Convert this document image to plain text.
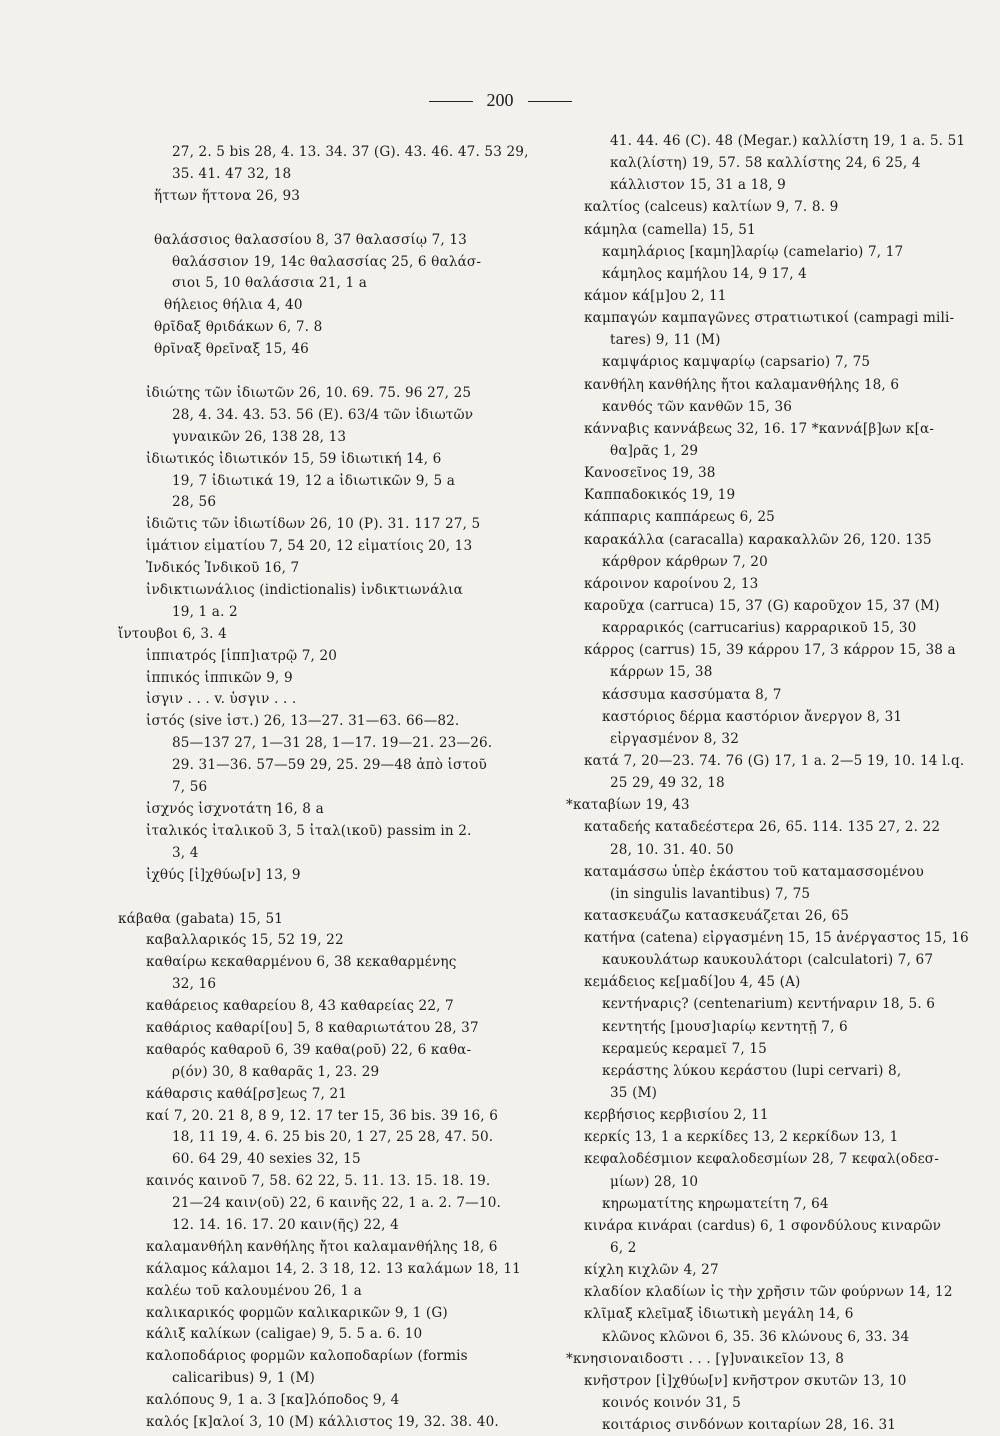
200
27, 2. 5 bis 28, 4. 13. 34. 37 (G). 43. 46. 47. 53 29,
35. 41. 47 32, 18
ἥττων ἥττονα 26, 93
θαλάσσιος θαλασσίου 8, 37 θαλασσίῳ 7, 13
θαλάσσιον 19, 14c θαλασσίας 25, 6 θαλάσ-
σιοι 5, 10 θαλάσσια 21, 1 a
θήλειος θήλια 4, 40
θρῖδαξ θριδάκων 6, 7. 8
θρῖναξ θρεῖναξ 15, 46
ἰδιώτης τῶν ἰδιωτῶν 26, 10. 69. 75. 96 27, 25
28, 4. 34. 43. 53. 56 (E). 63/4 τῶν ἰδιωτῶν
γυναικῶν 26, 138 28, 13
ἰδιωτικός ἰδιωτικόν 15, 59 ἰδιωτική 14, 6
19, 7 ἰδιωτικά 19, 12 a ἰδιωτικῶν 9, 5 a
28, 56
ἰδιῶτις τῶν ἰδιωτίδων 26, 10 (P). 31. 117 27, 5
ἱμάτιον εἱματίου 7, 54 20, 12 εἱματίοις 20, 13
Ἰνδικός Ἰνδικοῦ 16, 7
ἰνδικτιωνάλιος (indictionalis) ἰνδικτιωνάλια
19, 1 a. 2
ἴντουβοι 6, 3. 4
ἱππιατρός [ἱππ]ιατρῷ 7, 20
ἱππικός ἱππικῶν 9, 9
ἰσγιν . . . v. ὑσγιν . . .
ἱστός (sive ἱστ.) 26, 13—27. 31—63. 66—82.
85—137 27, 1—31 28, 1—17. 19—21. 23—26.
29. 31—36. 57—59 29, 25. 29—48 ἀπὸ ἱστοῦ
7, 56
ἰσχνός ἰσχνοτάτη 16, 8 a
ἰταλικός ἰταλικοῦ 3, 5 ἰταλ(ικοῦ) passim in 2.
3, 4
ἰχθύς [ἰ]χθύω[ν] 13, 9
κάβαθα (gabata) 15, 51
καβαλλαρικός 15, 52 19, 22
καθαίρω κεκαθαρμένου 6, 38 κεκαθαρμένης
32, 16
καθάρειος καθαρείου 8, 43 καθαρείας 22, 7
καθάριος καθαρί[ου] 5, 8 καθαριωτάτου 28, 37
καθαρός καθαροῦ 6, 39 καθα(ροῦ) 22, 6 καθα-
ρ(όν) 30, 8 καθαρᾶς 1, 23. 29
κάθαρσις καθά[ρσ]εως 7, 21
καί 7, 20. 21 8, 8 9, 12. 17 ter 15, 36 bis. 39 16, 6
18, 11 19, 4. 6. 25 bis 20, 1 27, 25 28, 47. 50.
60. 64 29, 40 sexies 32, 15
καινός καινοῦ 7, 58. 62 22, 5. 11. 13. 15. 18. 19.
21—24 καιν(οῦ) 22, 6 καινῆς 22, 1 a. 2. 7—10.
12. 14. 16. 17. 20 καιν(ῆς) 22, 4
καλαμανθήλη κανθήλης ἤτοι καλαμανθήλης 18, 6
κάλαμος κάλαμοι 14, 2. 3 18, 12. 13 καλάμων 18, 11
καλέω τοῦ καλουμένου 26, 1 a
καλικαρικός φορμῶν καλικαρικῶν 9, 1 (G)
κάλιξ καλίκων (caligae) 9, 5. 5 a. 6. 10
καλοποδάριος φορμῶν καλοποδαρίων (formis
calicaribus) 9, 1 (M)
καλόπους 9, 1 a. 3 [κα]λόποδος 9, 4
καλός [κ]αλοί 3, 10 (M) κάλλιστος 19, 32. 38. 40.
41. 44. 46 (C). 48 (Megar.) καλλίστη 19, 1 a. 5. 51
καλ(λίστη) 19, 57. 58 καλλίστης 24, 6 25, 4
κάλλιστον 15, 31 a 18, 9
καλτίος (calceus) καλτίων 9, 7. 8. 9
κάμηλα (camella) 15, 51
καμηλάριος [καμη]λαρίῳ (camelario) 7, 17
κάμηλος καμήλου 14, 9 17, 4
κάμον κά[μ]ου 2, 11
καμπαγών καμπαγῶνες στρατιωτικοί (campagi mili-
tares) 9, 11 (M)
καμψάριος καμψαρίῳ (capsario) 7, 75
κανθήλη κανθήλης ἤτοι καλαμανθήλης 18, 6
κανθός τῶν κανθῶν 15, 36
κάνναβις καννάβεως 32, 16. 17 *καννά[β]ων κ[α-
θα]ρᾶς 1, 29
Κανοσεῖνος 19, 38
Καππαδοκικός 19, 19
κάππαρις καππάρεως 6, 25
καρακάλλα (caracalla) καρακαλλῶν 26, 120. 135
κάρθρον κάρθρων 7, 20
κάροινον καροίνου 2, 13
καροῦχα (carruca) 15, 37 (G) καροῦχον 15, 37 (M)
καρραρικός (carrucarius) καρραρικοῦ 15, 30
κάρρος (carrus) 15, 39 κάρρου 17, 3 κάρρον 15, 38 a
κάρρων 15, 38
κάσσυμα κασσύματα 8, 7
καστόριος δέρμα καστόριον ἄνεργον 8, 31
εἰργασμένον 8, 32
κατά 7, 20—23. 74. 76 (G) 17, 1 a. 2—5 19, 10. 14 l.q.
25 29, 49 32, 18
*καταβίων 19, 43
καταδεής καταδεέστερα 26, 65. 114. 135 27, 2. 22
28, 10. 31. 40. 50
καταμάσσω ὑπὲρ ἑκάστου τοῦ καταμασσομένου
(in singulis lavantibus) 7, 75
κατασκευάζω κατασκευάζεται 26, 65
κατήνα (catena) εἰργασμένη 15, 15 ἀνέργαστος 15, 16
καυκουλάτωρ καυκουλάτορι (calculatori) 7, 67
κεμάδειος κε[μαδί]ου 4, 45 (A)
κεντήναρις? (centenarium) κεντήναριν 18, 5. 6
κεντητής [μουσ]ιαρίῳ κεντητῇ 7, 6
κεραμεύς κεραμεῖ 7, 15
κεράστης λύκου κεράστου (lupi cervari) 8,
35 (M)
κερβήσιος κερβισίου 2, 11
κερκίς 13, 1 a κερκίδες 13, 2 κερκίδων 13, 1
κεφαλοδέσμιον κεφαλοδεσμίων 28, 7 κεφαλ(οδεσ-
μίων) 28, 10
κηρωματίτης κηρωματείτη 7, 64
κινάρα κινάραι (cardus) 6, 1 σφονδύλους κιναρῶν
6, 2
κίχλη κιχλῶν 4, 27
κλαδίον κλαδίων ἰς τὴν χρῆσιν τῶν φούρνων 14, 12
κλῖμαξ κλεῖμαξ ἰδιωτικὴ μεγάλη 14, 6
κλῶνος κλῶνοι 6, 35. 36 κλώνους 6, 33. 34
*κνησιοναιδοστι . . . [γ]υναικεῖον 13, 8
κνῆστρον [ἰ]χθύω[ν] κνῆστρον σκυτῶν 13, 10
κοινός κοινόν 31, 5
κοιτάριος σινδόνων κοιταρίων 28, 16. 31
